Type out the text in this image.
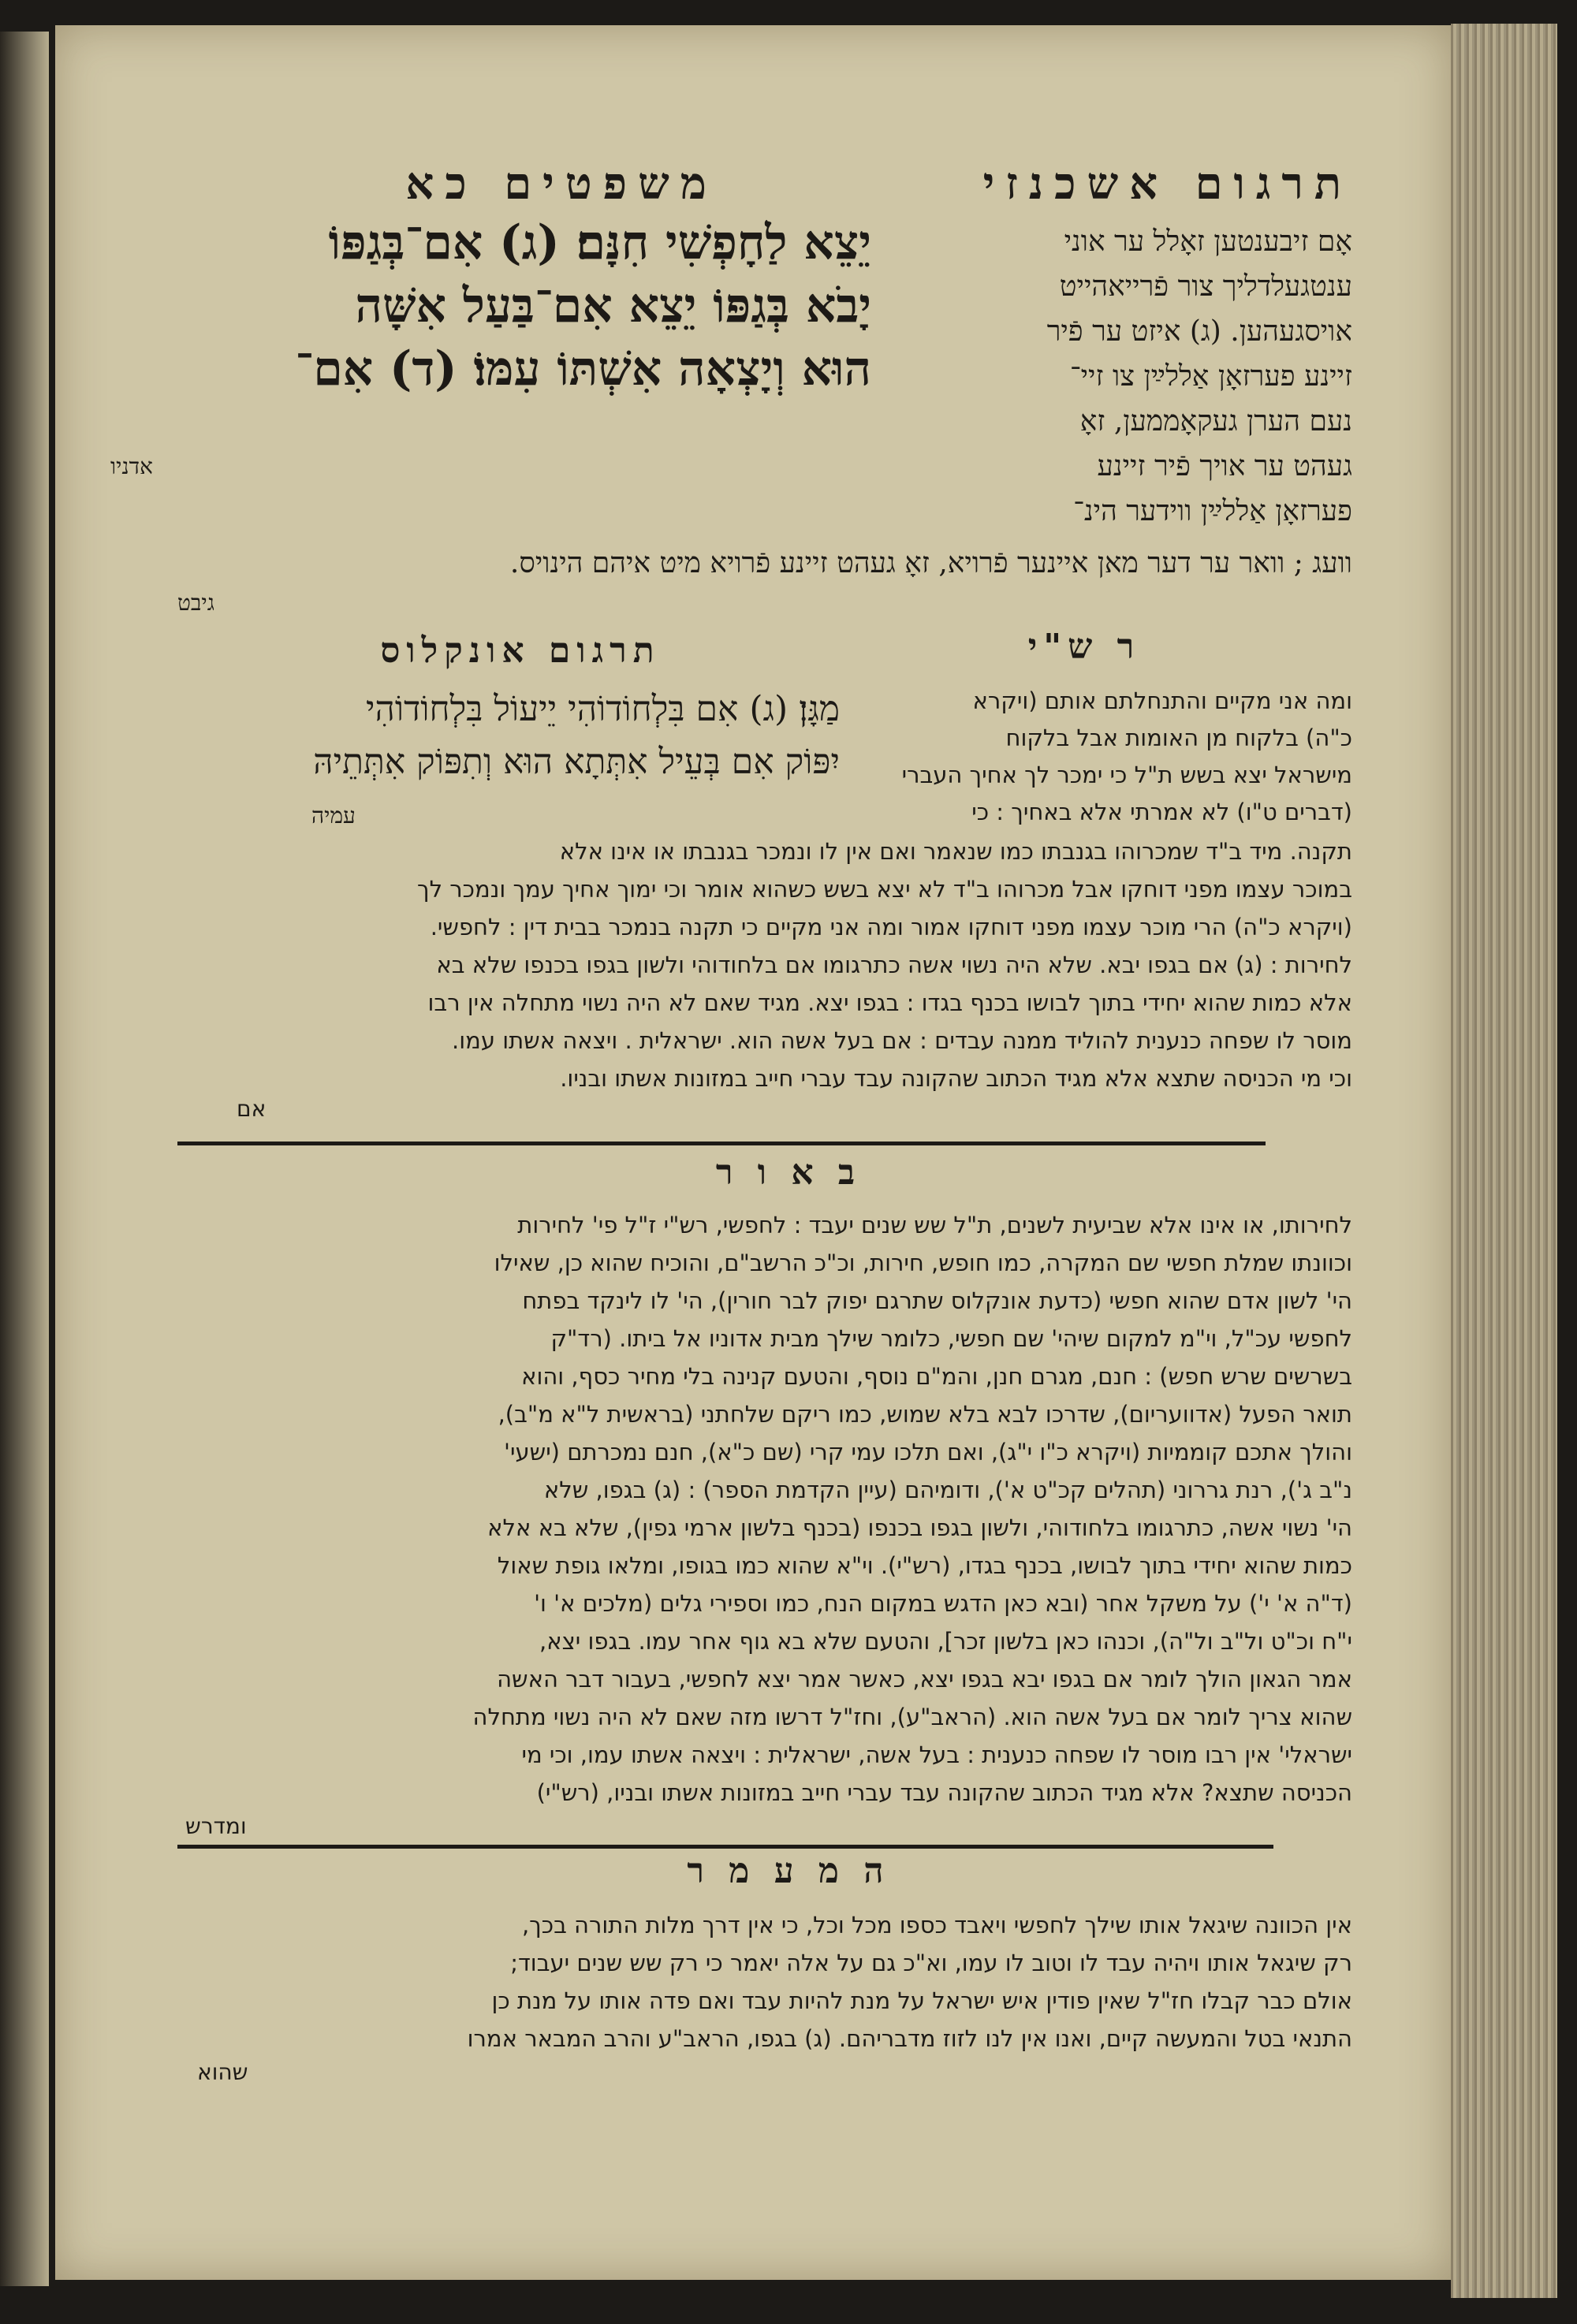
תרגום אשכנזי
משפטים כא
יֵצֵא לַחָפְשִׁי חִנָּם׃ (ג) אִם־בְּגַפּוֹ
יָבֹא בְּגַפּוֹ יֵצֵא אִם־בַּעַל אִשָּׁה
הוּא וְיָצְאָה אִשְׁתּוֹ עִמּוֹ׃ (ד) אִם־
אדניו
אָם זיבענטען זאָלל ער אוני
ענטגעלדליך צור פֿרייאהייט
אויסגעהען. (ג) איזט ער פֿיר
זיינע פערזאָן אַללײַן צו זיי־
נעם הערן געקאָממען, זאָ
געהט ער אויך פֿיר זיינע
פערזאָן אַללײַן ווידער הינ־
וועג ; וואר ער דער מאן איינער פֿרויא, זאָ געהט זיינע פֿרויא מיט איהם הינויס.
גיבט
ר ש"י
תרגום אונקלוס
מַגָּן׃ (ג) אִם בִּלְחוֹדוֹהִי יֵיעוֹל בִּלְחוֹדוֹהִי
יִפּוֹק אִם בְּעֵיל אִתְּתָא הוּא וְתִפּוֹק אִתְּתֵיהּ
עמיה
ומה אני מקיים והתנחלתם אותם (ויקרא
כ"ה) בלקוח מן האומות אבל בלקוח
מישראל יצא בשש ת"ל כי ימכר לך אחיך העברי
(דברים ט"ו) לא אמרתי אלא באחיך : כי
תקנה. מיד ב"ד שמכרוהו בגנבתו כמו שנאמר ואם אין לו ונמכר בגנבתו או אינו אלא
במוכר עצמו מפני דוחקו אבל מכרוהו ב"ד לא יצא בשש כשהוא אומר וכי ימוך אחיך עמך ונמכר לך
(ויקרא כ"ה) הרי מוכר עצמו מפני דוחקו אמור ומה אני מקיים כי תקנה בנמכר בבית דין : לחפשי.
לחירות : (ג) אם בגפו יבא. שלא היה נשוי אשה כתרגומו אם בלחודוהי ולשון בגפו בכנפו שלא בא
אלא כמות שהוא יחידי בתוך לבושו בכנף בגדו : בגפו יצא. מגיד שאם לא היה נשוי מתחלה אין רבו
מוסר לו שפחה כנענית להוליד ממנה עבדים : אם בעל אשה הוא. ישראלית . ויצאה אשתו עמו.
וכי מי הכניסה שתצא אלא מגיד הכתוב שהקונה עבד עברי חייב במזונות אשתו ובניו.
אם
ב א ו ר
לחירותו, או אינו אלא שביעית לשנים, ת"ל שש שנים יעבד : לחפשי, רש"י ז"ל פי' לחירות
וכוונתו שמלת חפשי שם המקרה, כמו חופש, חירות, וכ"כ הרשב"ם, והוכיח שהוא כן, שאילו
הי' לשון אדם שהוא חפשי (כדעת אונקלוס שתרגם יפוק לבר חורין), הי' לו לינקד בפתח
לחפשי עכ"ל, וי"מ למקום שיהי' שם חפשי, כלומר שילך מבית אדוניו אל ביתו. (רד"ק
בשרשים שרש חפש) : חנם, מגרם חנן, והמ"ם נוסף, והטעם קנינה בלי מחיר כסף, והוא
תואר הפעל (אדוועריום), שדרכו לבא בלא שמוש, כמו ריקם שלחתני (בראשית ל"א מ"ב),
והולך אתכם קוממיות (ויקרא כ"ו י"ג), ואם תלכו עמי קרי (שם כ"א), חנם נמכרתם (ישעי'
נ"ב ג'), רנת גררוני (תהלים קכ"ט א'), ודומיהם (עיין הקדמת הספר) : (ג) בגפו, שלא
הי' נשוי אשה, כתרגומו בלחודוהי, ולשון בגפו בכנפו (בכנף בלשון ארמי גפין), שלא בא אלא
כמות שהוא יחידי בתוך לבושו, בכנף בגדו, (רש"י). וי"א שהוא כמו בגופו, ומלאו גופת שאול
(ד"ה א' י') על משקל אחר (ובא כאן הדגש במקום הנח, כמו וספירי גלים (מלכים א' ו'
י"ח וכ"ט ול"ב ול"ה), וכנהו כאן בלשון זכר], והטעם שלא בא גוף אחר עמו. בגפו יצא,
אמר הגאון הולך לומר אם בגפו יבא בגפו יצא, כאשר אמר יצא לחפשי, בעבור דבר האשה
שהוא צריך לומר אם בעל אשה הוא. (הראב"ע), וחז"ל דרשו מזה שאם לא היה נשוי מתחלה
ישראלי' אין רבו מוסר לו שפחה כנענית : בעל אשה, ישראלית : ויצאה אשתו עמו, וכי מי
הכניסה שתצא? אלא מגיד הכתוב שהקונה עבד עברי חייב במזונות אשתו ובניו, (רש"י)
ומדרש
ה מ ע מ ר
אין הכוונה שיגאל אותו שילך לחפשי ויאבד כספו מכל וכל, כי אין דרך מלות התורה בכך,
רק שיגאל אותו ויהיה עבד לו וטוב לו עמו, וא"כ גם על אלה יאמר כי רק שש שנים יעבוד;
אולם כבר קבלו חז"ל שאין פודין איש ישראל על מנת להיות עבד ואם פדה אותו על מנת כן
התנאי בטל והמעשה קיים, ואנו אין לנו לזוז מדבריהם. (ג) בגפו, הראב"ע והרב המבאר אמרו
שהוא
